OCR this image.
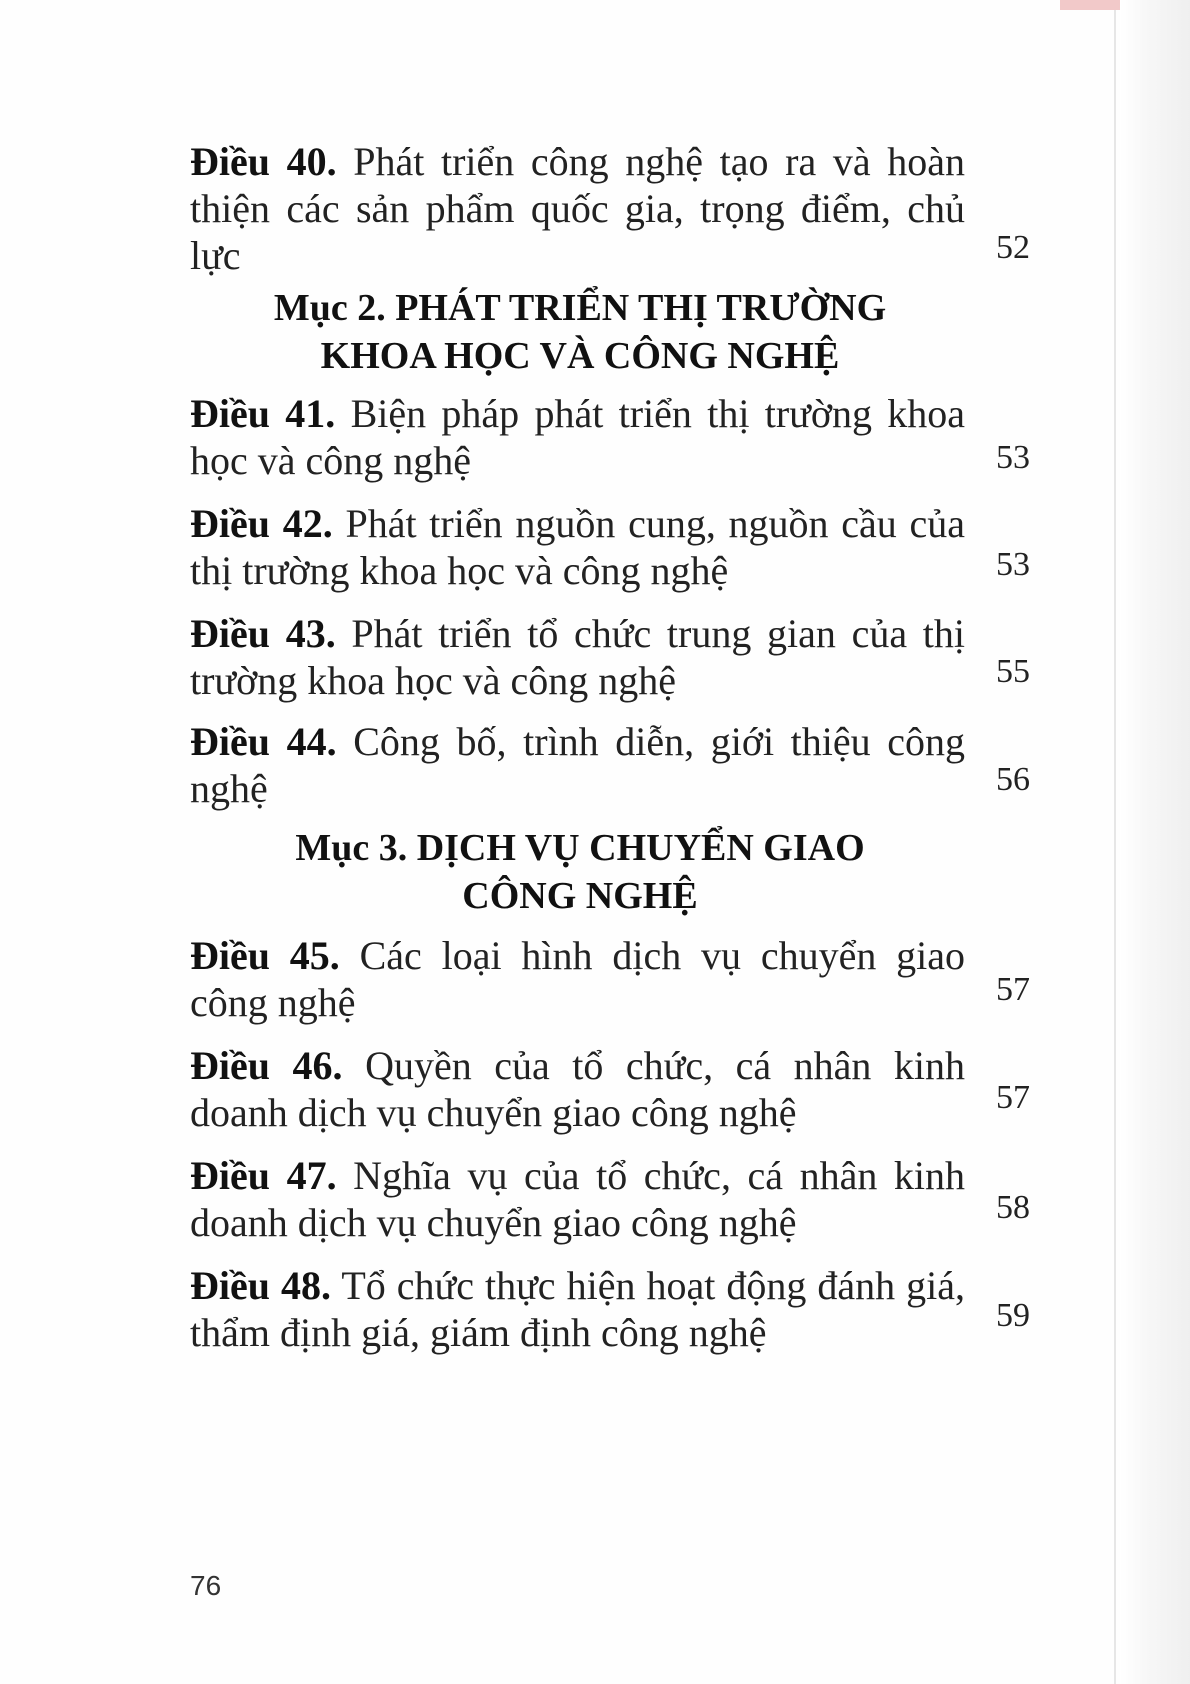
Điều 40. Phát triển công nghệ tạo ra và hoàn thiện các sản phẩm quốc gia, trọng điểm, chủ lực	52
Mục 2. PHÁT TRIỂN THỊ TRƯỜNG
KHOA HỌC VÀ CÔNG NGHỆ
Điều 41. Biện pháp phát triển thị trường khoa học và công nghệ	53
Điều 42. Phát triển nguồn cung, nguồn cầu của thị trường khoa học và công nghệ	53
Điều 43. Phát triển tổ chức trung gian của thị trường khoa học và công nghệ	55
Điều 44. Công bố, trình diễn, giới thiệu công nghệ	56
Mục 3. DỊCH VỤ CHUYỂN GIAO
CÔNG NGHỆ
Điều 45. Các loại hình dịch vụ chuyển giao công nghệ	57
Điều 46. Quyền của tổ chức, cá nhân kinh doanh dịch vụ chuyển giao công nghệ	57
Điều 47. Nghĩa vụ của tổ chức, cá nhân kinh doanh dịch vụ chuyển giao công nghệ	58
Điều 48. Tổ chức thực hiện hoạt động đánh giá, thẩm định giá, giám định công nghệ	59
76
